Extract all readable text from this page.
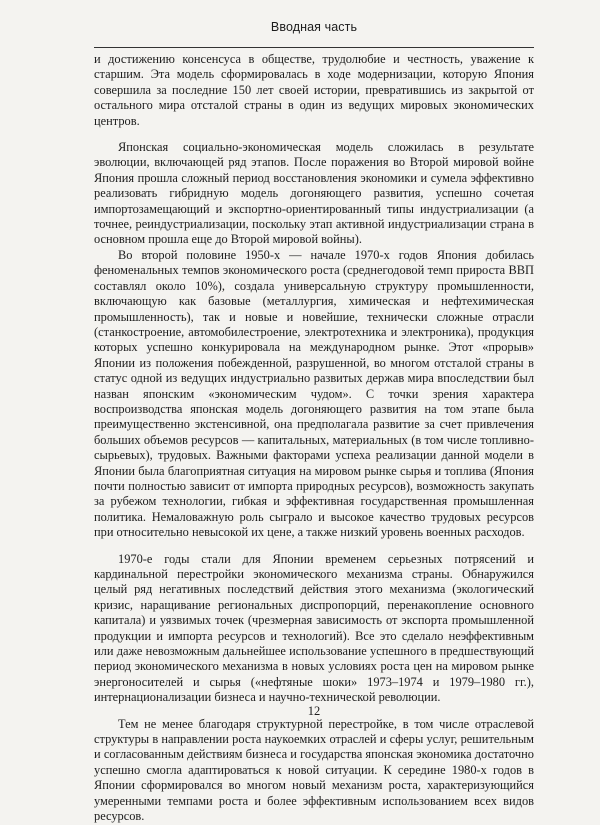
Вводная часть

и достижению консенсуса в обществе, трудолюбие и честность, уважение к старшим. Эта модель сформировалась в ходе модернизации, которую Япония совершила за последние 150 лет своей истории, превратившись из закрытой от остального мира отсталой страны в один из ведущих мировых экономических центров.

Японская социально-экономическая модель сложилась в результате эволюции, включающей ряд этапов. После поражения во Второй мировой войне Япония прошла сложный период восстановления экономики и сумела эффективно реализовать гибридную модель догоняющего развития, успешно сочетая импортозамещающий и экспортно-ориентированный типы индустриализации (а точнее, реиндустриализации, поскольку этап активной индустриализации страна в основном прошла еще до Второй мировой войны).

Во второй половине 1950-х — начале 1970-х годов Япония добилась феноменальных темпов экономического роста (среднегодовой темп прироста ВВП составлял около 10%), создала универсальную структуру промышленности, включающую как базовые (металлургия, химическая и нефтехимическая промышленность), так и новые и новейшие, технически сложные отрасли (станкостроение, автомобилестроение, электротехника и электроника), продукция которых успешно конкурировала на международном рынке. Этот «прорыв» Японии из положения побежденной, разрушенной, во многом отсталой страны в статус одной из ведущих индустриально развитых держав мира впоследствии был назван японским «экономическим чудом». С точки зрения характера воспроизводства японская модель догоняющего развития на том этапе была преимущественно экстенсивной, она предполагала развитие за счет привлечения больших объемов ресурсов — капитальных, материальных (в том числе топливно-сырьевых), трудовых. Важными факторами успеха реализации данной модели в Японии была благоприятная ситуация на мировом рынке сырья и топлива (Япония почти полностью зависит от импорта природных ресурсов), возможность закупать за рубежом технологии, гибкая и эффективная государственная промышленная политика. Немаловажную роль сыграло и высокое качество трудовых ресурсов при относительно невысокой их цене, а также низкий уровень военных расходов.

1970-е годы стали для Японии временем серьезных потрясений и кардинальной перестройки экономического механизма страны. Обнаружился целый ряд негативных последствий действия этого механизма (экологический кризис, наращивание региональных диспропорций, перенакопление основного капитала) и уязвимых точек (чрезмерная зависимость от экспорта промышленной продукции и импорта ресурсов и технологий). Все это сделало неэффективным или даже невозможным дальнейшее использование успешного в предшествующий период экономического механизма в новых условиях роста цен на мировом рынке энергоносителей и сырья («нефтяные шоки» 1973–1974 и 1979–1980 гг.), интернационализации бизнеса и научно-технической революции.

Тем не менее благодаря структурной перестройке, в том числе отраслевой структуры в направлении роста наукоемких отраслей и сферы услуг, решительным и согласованным действиям бизнеса и государства японская экономика достаточно успешно смогла адаптироваться к новой ситуации. К середине 1980-х годов в Японии сформировался во многом новый механизм роста, характеризующийся умеренными темпами роста и более эффективным использованием всех видов ресурсов.

12
